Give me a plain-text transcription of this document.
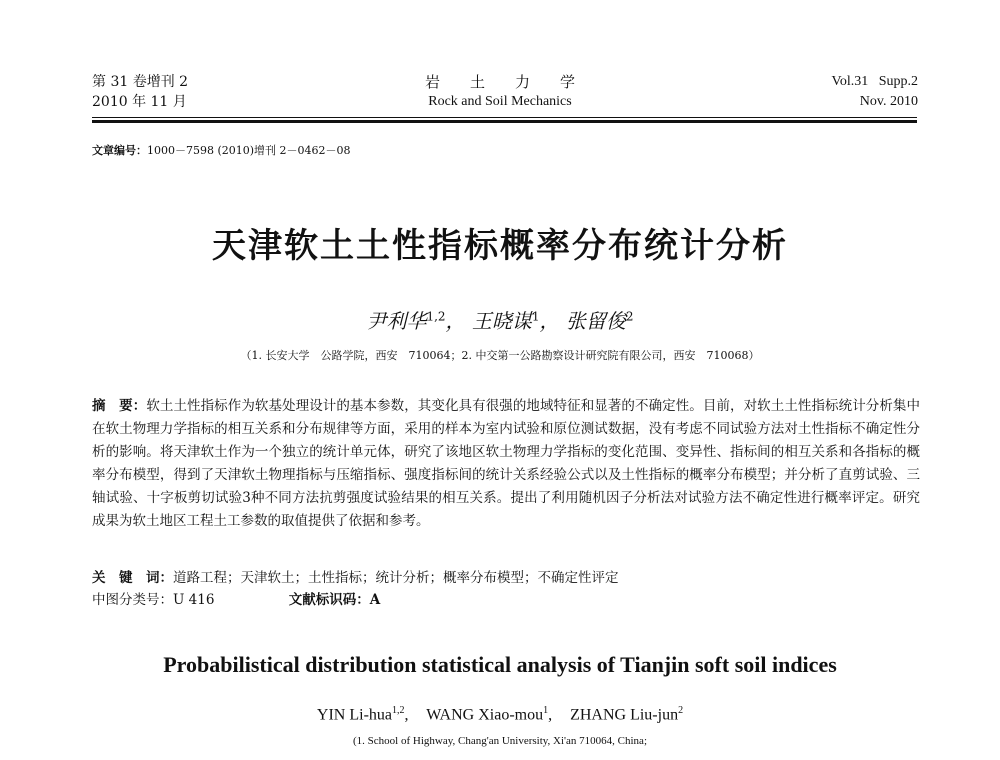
第 31 卷增刊 2
2010 年 11 月
岩土力学
Rock and Soil Mechanics
Vol.31   Supp.2
Nov. 2010
文章编号：1000－7598 (2010)增刊 2－0462－08
天津软土土性指标概率分布统计分析
尹利华$^{1,2}$， 王晓谋$^1$， 张留俊$^2$
（1. 长安大学　公路学院，西安　710064；2. 中交第一公路勘察设计研究院有限公司，西安　710068）
摘　要：软土土性指标作为软基处理设计的基本参数，其变化具有很强的地域特征和显著的不确定性。目前，对软土土性指标统计分析集中在软土物理力学指标的相互关系和分布规律等方面，采用的样本为室内试验和原位测试数据，没有考虑不同试验方法对土性指标不确定性分析的影响。将天津软土作为一个独立的统计单元体，研究了该地区软土物理力学指标的变化范围、变异性、指标间的相互关系和各指标的概率分布模型，得到了天津软土物理指标与压缩指标、强度指标间的统计关系经验公式以及土性指标的概率分布模型；并分析了直剪试验、三轴试验、十字板剪切试验3种不同方法抗剪强度试验结果的相互关系。提出了利用随机因子分析法对试验方法不确定性进行概率评定。研究成果为软土地区工程土工参数的取值提供了依据和参考。
关　键　词：道路工程；天津软土；土性指标；统计分析；概率分布模型；不确定性评定
中图分类号：U 416	文献标识码：A
Probabilistical distribution statistical analysis of Tianjin soft soil indices
YIN Li-hua$^{1,2}$, WANG Xiao-mou$^1$, ZHANG Liu-jun$^2$
(1. School of Highway, Chang'an University, Xi'an 710064, China;
